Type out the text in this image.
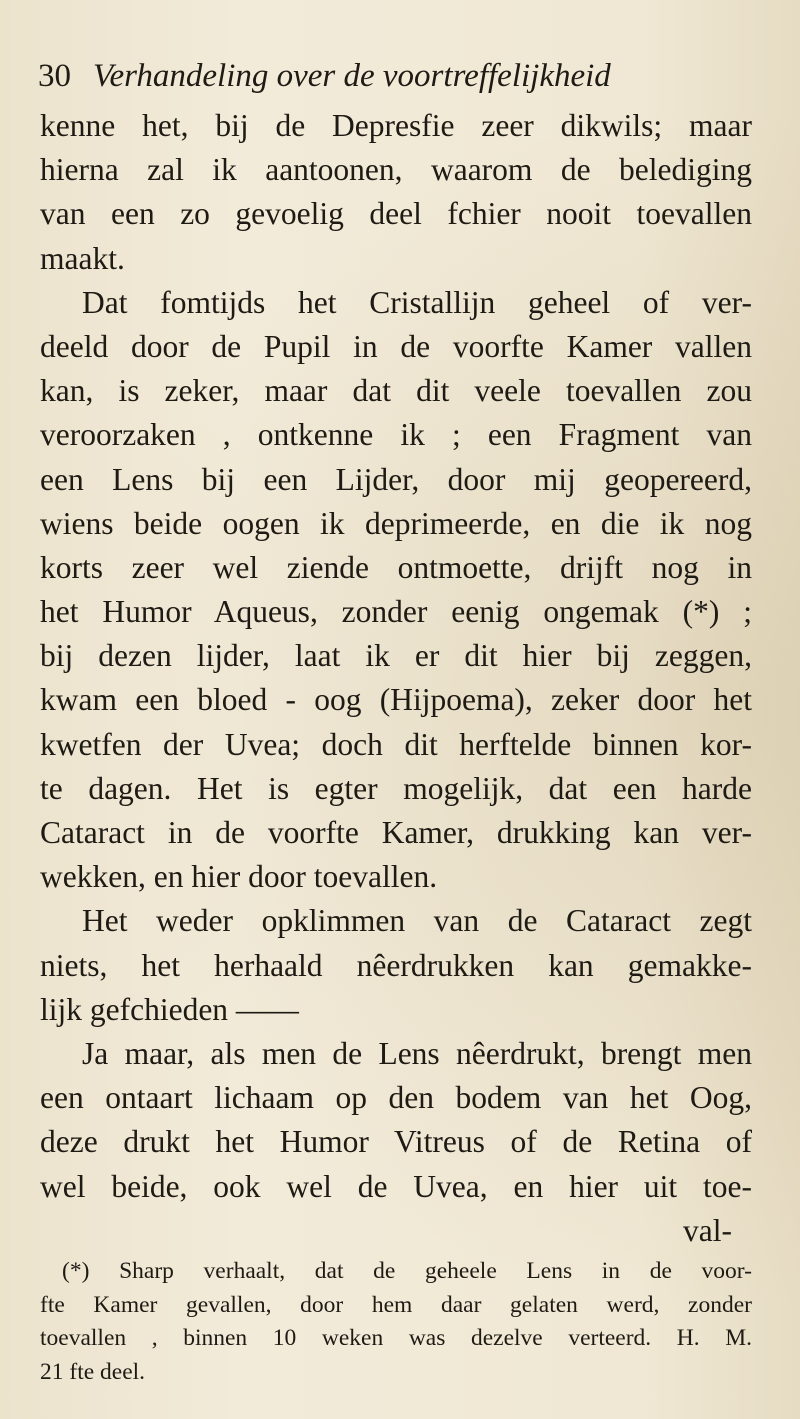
30 Verhandeling over de voortreffelijkheid
kenne het, bij de Depresfie zeer dikwils; maar
hierna zal ik aantoonen, waarom de belediging
van een zo gevoelig deel fchier nooit toevallen
maakt.
Dat fomtijds het Cristallijn geheel of ver-
deeld door de Pupil in de voorfte Kamer vallen
kan, is zeker, maar dat dit veele toevallen zou
veroorzaken , ontkenne ik ; een Fragment van
een Lens bij een Lijder, door mij geopereerd,
wiens beide oogen ik deprimeerde, en die ik nog
korts zeer wel ziende ontmoette, drijft nog in
het Humor Aqueus, zonder eenig ongemak (*) ;
bij dezen lijder, laat ik er dit hier bij zeggen,
kwam een bloed - oog (Hijpoema), zeker door het
kwetfen der Uvea; doch dit herftelde binnen kor-
te dagen. Het is egter mogelijk, dat een harde
Cataract in de voorfte Kamer, drukking kan ver-
wekken, en hier door toevallen.
Het weder opklimmen van de Cataract zegt
niets, het herhaald nêerdrukken kan gemakke-
lijk gefchieden ——
Ja maar, als men de Lens nêerdrukt, brengt men
een ontaart lichaam op den bodem van het Oog,
deze drukt het Humor Vitreus of de Retina of
wel beide, ook wel de Uvea, en hier uit toe-
val-
(*) Sharp verhaalt, dat de geheele Lens in de voor-
fte Kamer gevallen, door hem daar gelaten werd, zonder
toevallen , binnen 10 weken was dezelve verteerd. H. M.
21 fte deel.
